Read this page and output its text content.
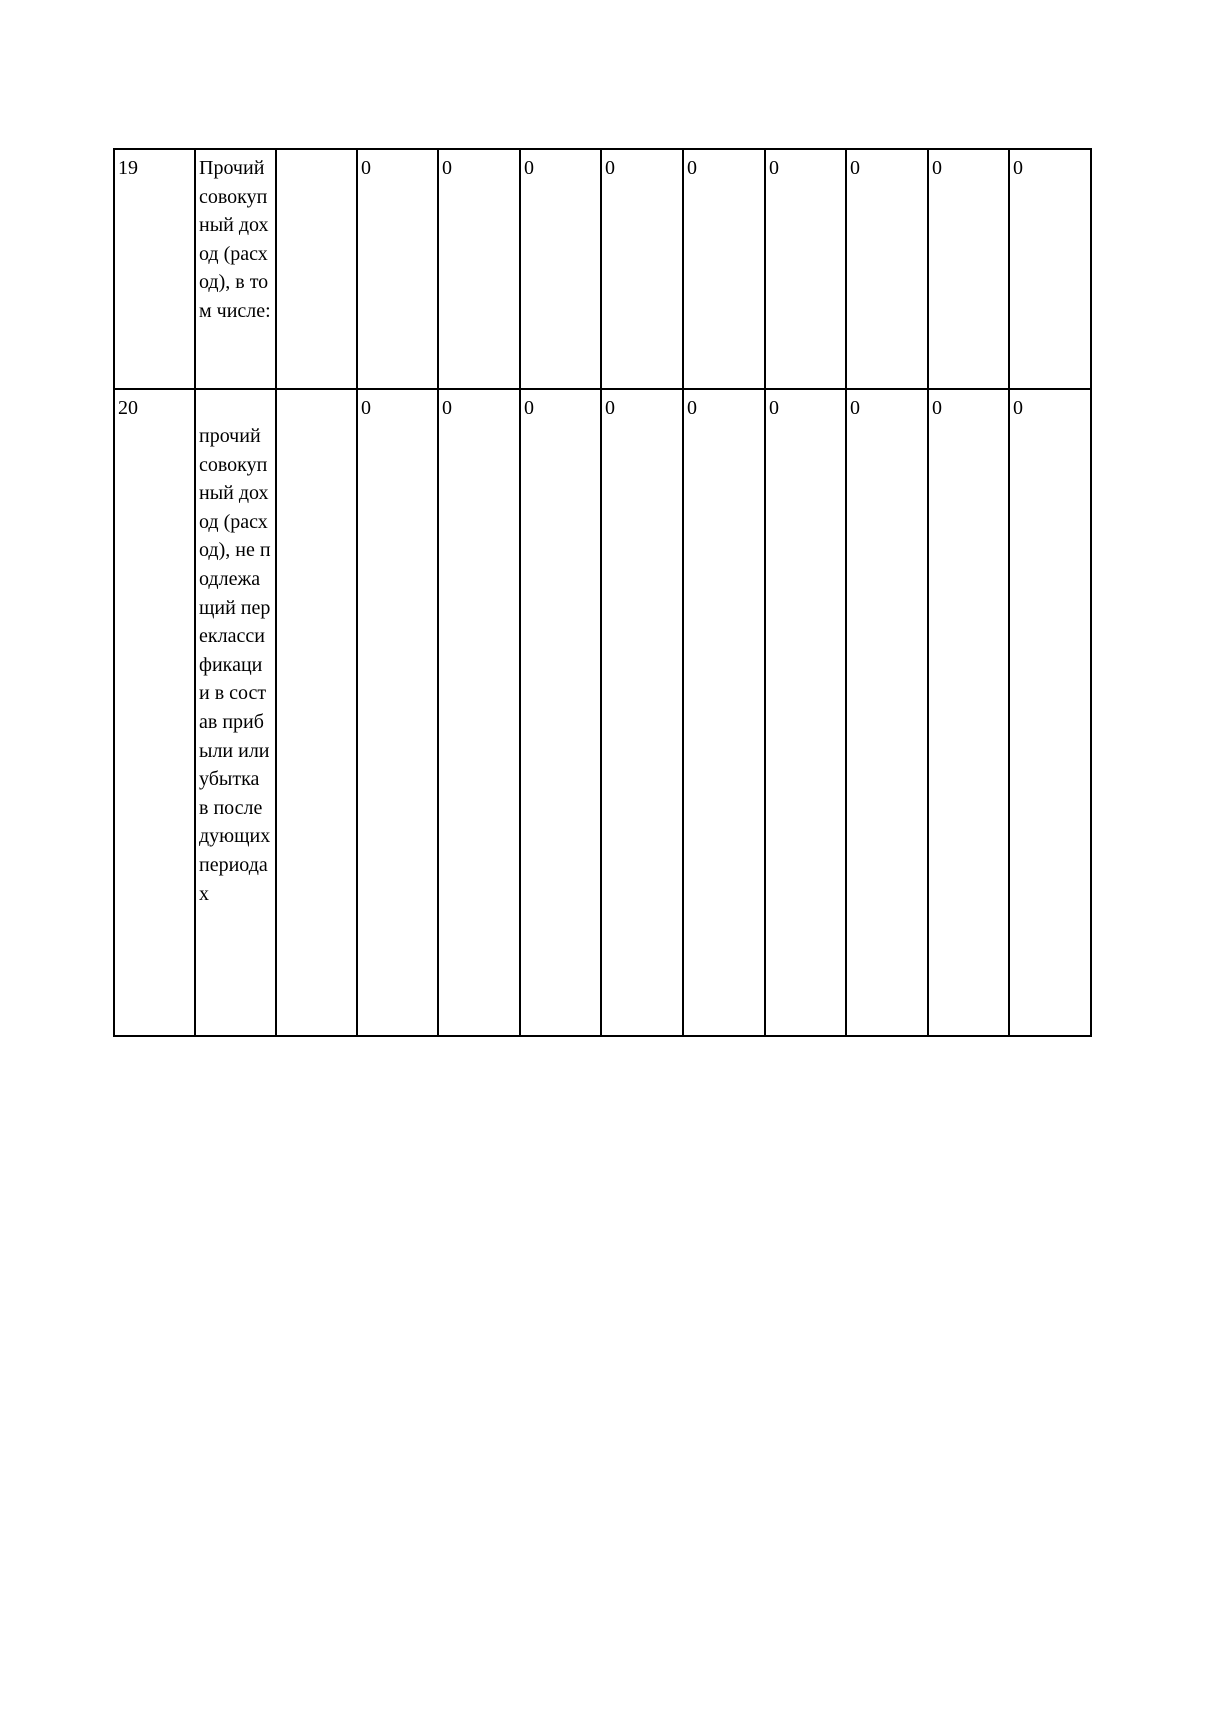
19	Прочий совокупный доход (расход), в том числе:		0	0	0	0	0	0	0	0	0
20	прочий совокупный доход (расход), не подлежащий переклассификации в состав прибыли или убытка в последующих периодах		0	0	0	0	0	0	0	0	0
